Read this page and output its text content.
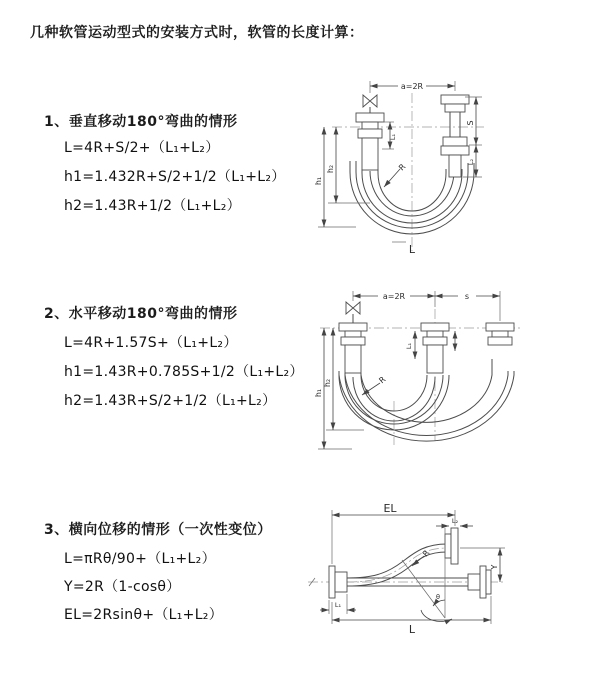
几种软管运动型式的安装方式时，软管的长度计算：
1、垂直移动180°弯曲的情形
L=4R+S/2+（L₁+L₂）
h1=1.432R+S/2+1/2（L₁+L₂）
h2=1.43R+1/2（L₁+L₂）
2、水平移动180°弯曲的情形
L=4R+1.57S+（L₁+L₂）
h1=1.43R+0.785S+1/2（L₁+L₂）
h2=1.43R+S/2+1/2（L₁+L₂）
3、横向位移的情形（一次性变位）
L=πRθ/90+（L₁+L₂）
Y=2R（1-cosθ）
EL=2Rsinθ+（L₁+L₂）
a=2R
h₁
h₂
L₁
S
L₂
R
L
a=2R	s
h₁
h₂
L₁
R
EL
L₂
Y
R
θ
L₁
L
